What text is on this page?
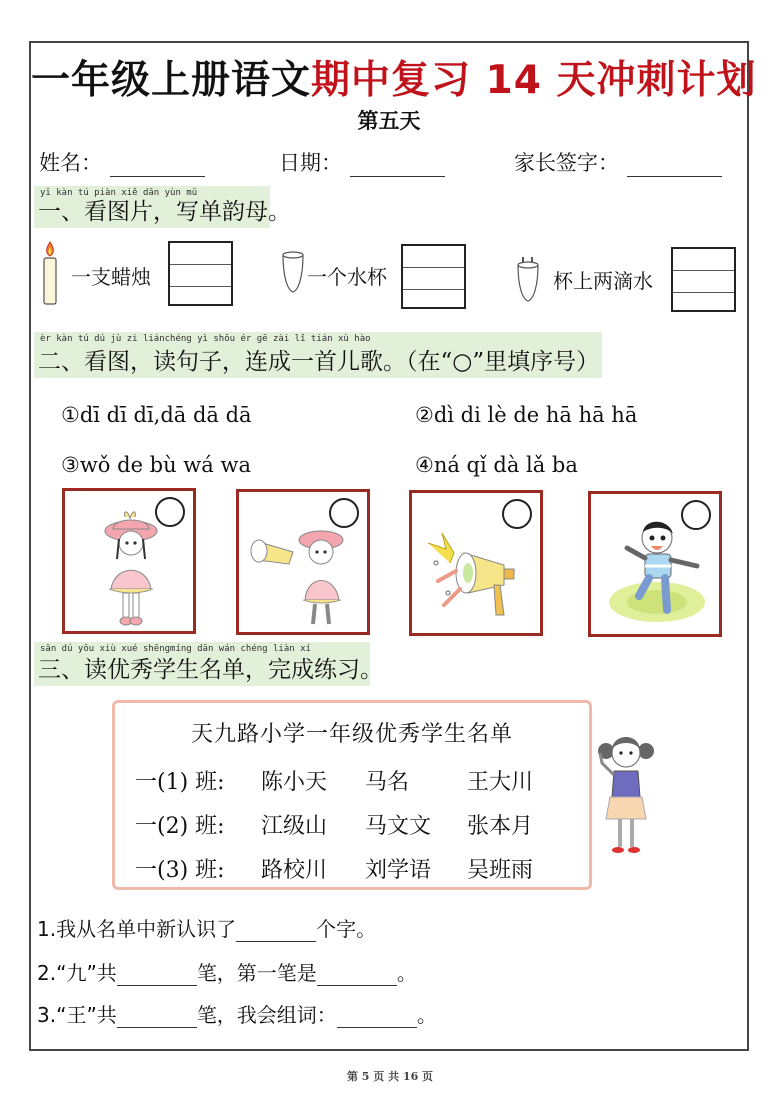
一年级上册语文期中复习 14 天冲刺计划
第五天
姓名：	日期：	家长签字：
yī kàn tú piàn xiě dān yùn mǔ
一、看图片，写单韵母。
一支蜡烛	一个水杯	杯上两滴水
èr kàn tú dú jù zi liánchéng yì shǒu ér gē zài lǐ tián xù hào
二、看图，读句子，连成一首儿歌。（在“○”里填序号）
①dī dī dī,dā dā dā	②dì di lè de hā hā hā
③wǒ de bù wá wa	④ná qǐ dà lǎ ba
sān dú yōu xiù xué shēngmíng dān wán chéng liàn xí
三、读优秀学生名单，完成练习。
天九路小学一年级优秀学生名单
一(1) 班: 陈小天 马名	王大川
一(2) 班: 江级山 马文文 张本月
一(3) 班: 路校川 刘学语 吴班雨
1.我从名单中新认识了	个字。
2.“九”共	笔，第一笔是	。
3.“王”共	笔，我会组词：	。
第 5 页 共 16 页
